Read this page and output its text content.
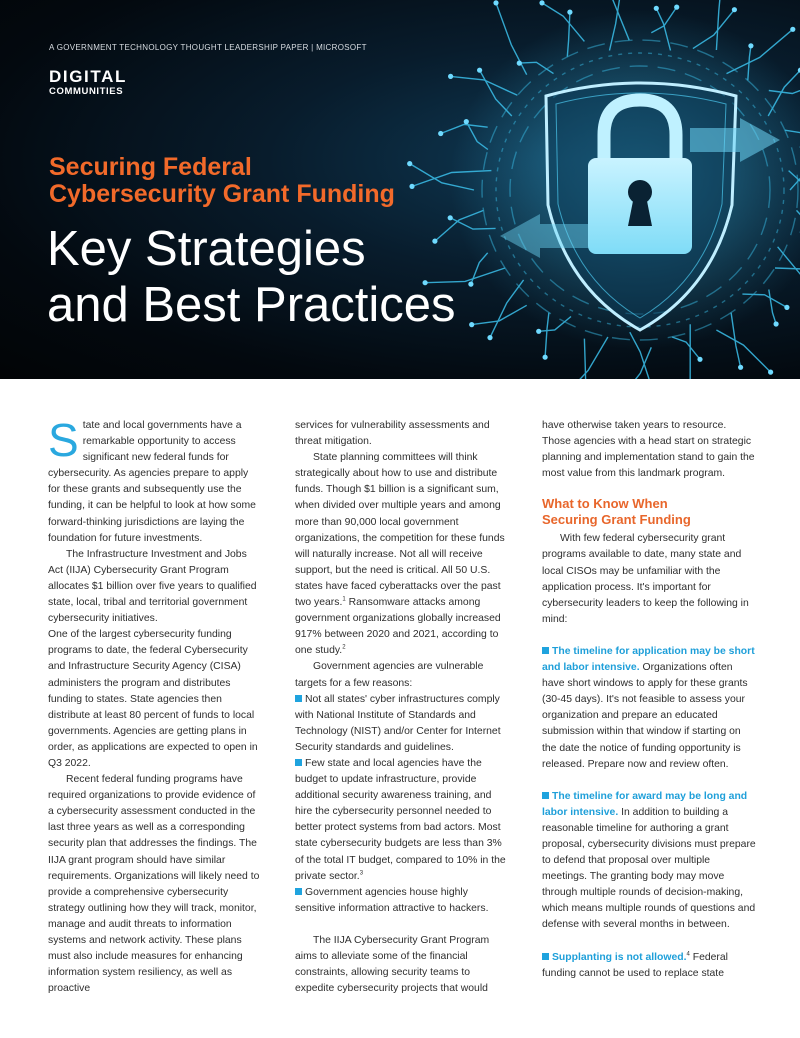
A GOVERNMENT TECHNOLOGY THOUGHT LEADERSHIP PAPER | MICROSOFT
DIGITAL
COMMUNITIES
Securing Federal
Cybersecurity Grant Funding
Key Strategies
and Best Practices

State and local governments have a remarkable opportunity to access significant new federal funds for cybersecurity. As agencies prepare to apply for these grants and subsequently use the funding, it can be helpful to look at how some forward-thinking jurisdictions are laying the foundation for future investments.

The Infrastructure Investment and Jobs Act (IIJA) Cybersecurity Grant Program allocates $1 billion over five years to qualified state, local, tribal and territorial government cybersecurity initiatives.

One of the largest cybersecurity funding programs to date, the federal Cybersecurity and Infrastructure Security Agency (CISA) administers the program and distributes funding to states. State agencies then distribute at least 80 percent of funds to local governments. Agencies are getting plans in order, as applications are expected to open in Q3 2022.

Recent federal funding programs have required organizations to provide evidence of a cybersecurity assessment conducted in the last three years as well as a corresponding security plan that addresses the findings. The IIJA grant program should have similar requirements. Organizations will likely need to provide a comprehensive cybersecurity strategy outlining how they will track, monitor, manage and audit threats to information systems and network activity. These plans must also include measures for enhancing information system resiliency, as well as proactive

services for vulnerability assessments and threat mitigation.

State planning committees will think strategically about how to use and distribute funds. Though $1 billion is a significant sum, when divided over multiple years and among more than 90,000 local government organizations, the competition for these funds will naturally increase. Not all will receive support, but the need is critical. All 50 U.S. states have faced cyberattacks over the past two years.$^1$ Ransomware attacks among government organizations globally increased 917% between 2020 and 2021, according to one study.$^2$

Government agencies are vulnerable targets for a few reasons:

Not all states' cyber infrastructures comply with National Institute of Standards and Technology (NIST) and/or Center for Internet Security standards and guidelines.

Few state and local agencies have the budget to update infrastructure, provide additional security awareness training, and hire the cybersecurity personnel needed to better protect systems from bad actors. Most state cybersecurity budgets are less than 3% of the total IT budget, compared to 10% in the private sector.$^3$

Government agencies house highly sensitive information attractive to hackers.

The IIJA Cybersecurity Grant Program aims to alleviate some of the financial constraints, allowing security teams to expedite cybersecurity projects that would

have otherwise taken years to resource. Those agencies with a head start on strategic planning and implementation stand to gain the most value from this landmark program.

What to Know When
Securing Grant Funding

With few federal cybersecurity grant programs available to date, many state and local CISOs may be unfamiliar with the application process. It's important for cybersecurity leaders to keep the following in mind:

The timeline for application may be short and labor intensive. Organizations often have short windows to apply for these grants (30-45 days). It's not feasible to assess your organization and prepare an educated submission within that window if starting on the date the notice of funding opportunity is released. Prepare now and review often.

The timeline for award may be long and labor intensive. In addition to building a reasonable timeline for authoring a grant proposal, cybersecurity divisions must prepare to defend that proposal over multiple meetings. The granting body may move through multiple rounds of decision-making, which means multiple rounds of questions and defense with several months in between.

Supplanting is not allowed.$^4$ Federal funding cannot be used to replace state
